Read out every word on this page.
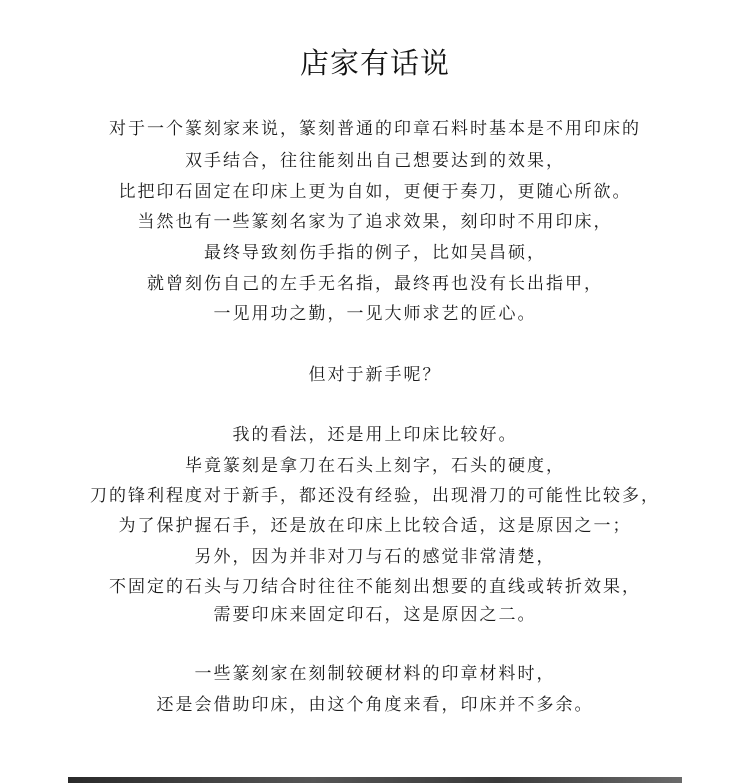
店家有话说
对于一个篆刻家来说，篆刻普通的印章石料时基本是不用印床的
双手结合，往往能刻出自己想要达到的效果，
比把印石固定在印床上更为自如，更便于奏刀，更随心所欲。
当然也有一些篆刻名家为了追求效果，刻印时不用印床，
最终导致刻伤手指的例子，比如吴昌硕，
就曾刻伤自己的左手无名指，最终再也没有长出指甲，
一见用功之勤，一见大师求艺的匠心。
但对于新手呢？
我的看法，还是用上印床比较好。
毕竟篆刻是拿刀在石头上刻字，石头的硬度，
刀的锋利程度对于新手，都还没有经验，出现滑刀的可能性比较多，
为了保护握石手，还是放在印床上比较合适，这是原因之一；
另外，因为并非对刀与石的感觉非常清楚，
不固定的石头与刀结合时往往不能刻出想要的直线或转折效果，
需要印床来固定印石，这是原因之二。
一些篆刻家在刻制较硬材料的印章材料时，
还是会借助印床，由这个角度来看，印床并不多余。
